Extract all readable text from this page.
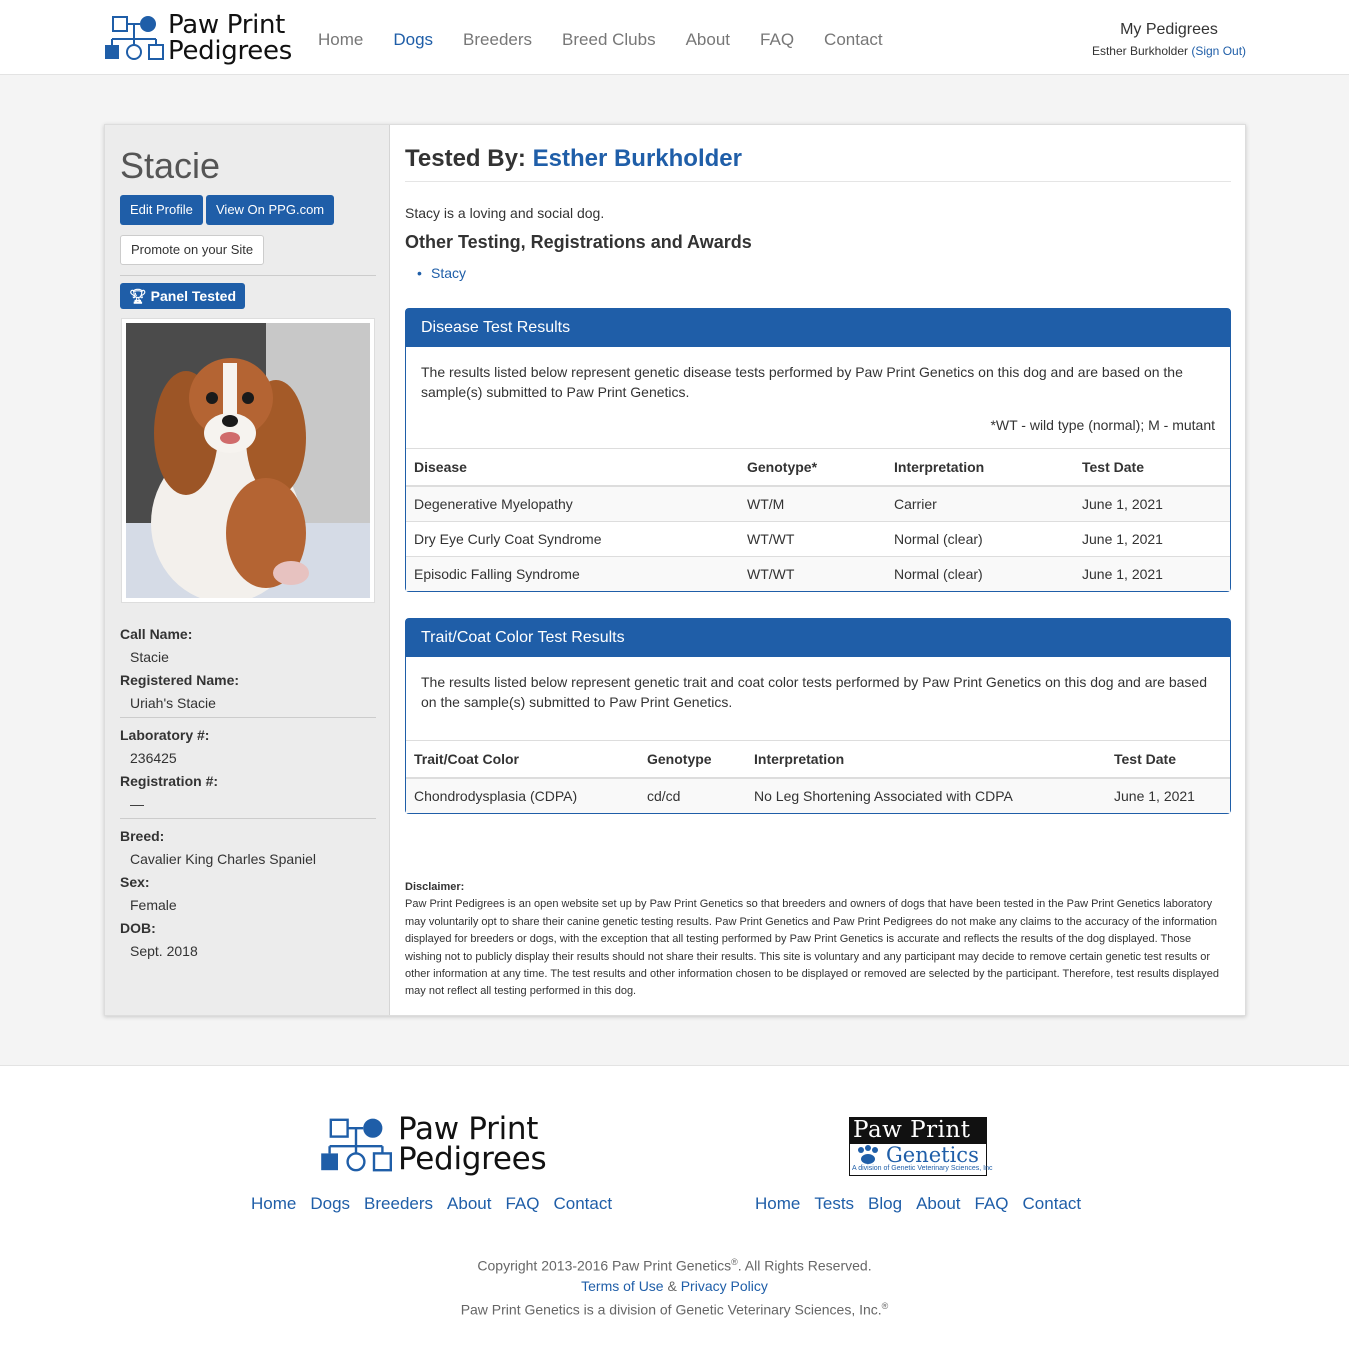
Paw Print
Pedigrees Home Dogs Breeders Breed Clubs About FAQ Contact
My Pedigrees
Esther Burkholder (Sign Out)
Stacie
Edit Profile	View On PPG.com
Promote on your Site
🏆︎ Panel Tested
Call Name:
Stacie
Registered Name:
Uriah's Stacie
Laboratory #:
236425
Registration #:
—
Breed:
Cavalier King Charles Spaniel
Sex:
Female
DOB:
Sept. 2018
Tested By: Esther Burkholder

Stacy is a loving and social dog.

Other Testing, Registrations and Awards
• Stacy
Disease Test Results
The results listed below represent genetic disease tests performed by Paw Print Genetics on this dog and are based on the sample(s) submitted to Paw Print Genetics.
*WT - wild type (normal); M - mutant
Disease	Genotype*	Interpretation	Test Date
Degenerative Myelopathy	WT/M	Carrier	June 1, 2021
Dry Eye Curly Coat Syndrome	WT/WT	Normal (clear)	June 1, 2021
Episodic Falling Syndrome	WT/WT	Normal (clear)	June 1, 2021
Trait/Coat Color Test Results
The results listed below represent genetic trait and coat color tests performed by Paw Print Genetics on this dog and are based on the sample(s) submitted to Paw Print Genetics.
Trait/Coat Color	Genotype	Interpretation	Test Date
Chondrodysplasia (CDPA)	cd/cd	No Leg Shortening Associated with CDPA	June 1, 2021
Disclaimer:
Paw Print Pedigrees is an open website set up by Paw Print Genetics so that breeders and owners of dogs that have been tested in the Paw Print Genetics laboratory may voluntarily opt to share their canine genetic testing results. Paw Print Genetics and Paw Print Pedigrees do not make any claims to the accuracy of the information displayed for breeders or dogs, with the exception that all testing performed by Paw Print Genetics is accurate and reflects the results of the dog displayed. Those wishing not to publicly display their results should not share their results. This site is voluntary and any participant may decide to remove certain genetic test results or other information at any time. The test results and other information chosen to be displayed or removed are selected by the participant. Therefore, test results displayed may not reflect all testing performed in this dog.
Paw Print
Pedigrees
Paw Print
Genetics
A division of Genetic Veterinary Sciences, Inc
Home Dogs Breeders About FAQ Contact	Home Tests Blog About FAQ Contact
Copyright 2013-2016 Paw Print Genetics®. All Rights Reserved.
Terms of Use & Privacy Policy
Paw Print Genetics is a division of Genetic Veterinary Sciences, Inc.®
